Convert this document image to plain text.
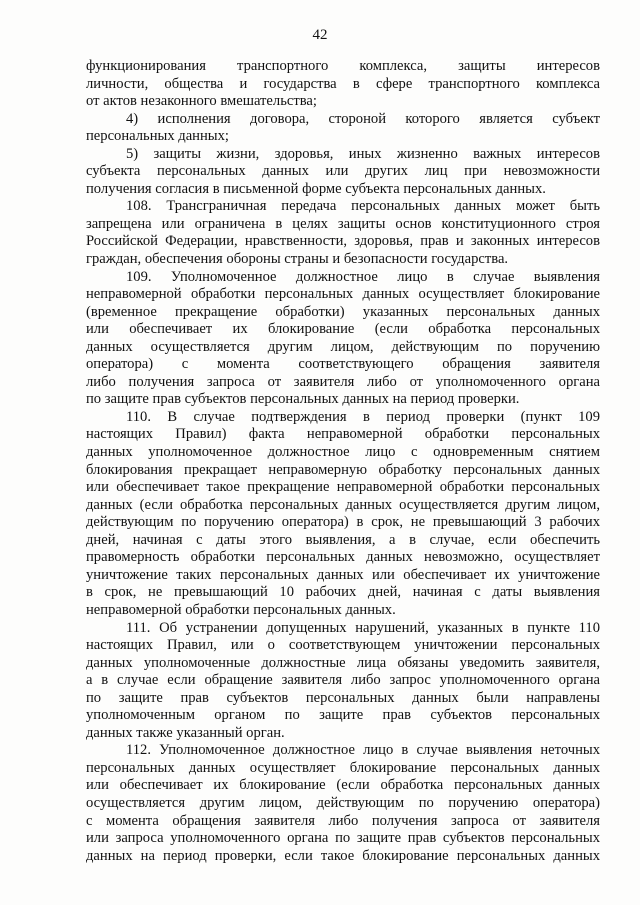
42

функционирования транспортного комплекса, защиты интересов
личности, общества и государства в сфере транспортного комплекса
от актов незаконного вмешательства;

4) исполнения договора, стороной которого является субъект
персональных данных;

5) защиты жизни, здоровья, иных жизненно важных интересов
субъекта персональных данных или других лиц при невозможности
получения согласия в письменной форме субъекта персональных данных.

108. Трансграничная передача персональных данных может быть
запрещена или ограничена в целях защиты основ конституционного строя
Российской Федерации, нравственности, здоровья, прав и законных интересов
граждан, обеспечения обороны страны и безопасности государства.

109. Уполномоченное должностное лицо в случае выявления
неправомерной обработки персональных данных осуществляет блокирование
(временное прекращение обработки) указанных персональных данных
или обеспечивает их блокирование (если обработка персональных
данных осуществляется другим лицом, действующим по поручению
оператора) с момента соответствующего обращения заявителя
либо получения запроса от заявителя либо от уполномоченного органа
по защите прав субъектов персональных данных на период проверки.

110. В случае подтверждения в период проверки (пункт 109
настоящих Правил) факта неправомерной обработки персональных
данных уполномоченное должностное лицо с одновременным снятием
блокирования прекращает неправомерную обработку персональных данных
или обеспечивает такое прекращение неправомерной обработки персональных
данных (если обработка персональных данных осуществляется другим лицом,
действующим по поручению оператора) в срок, не превышающий 3 рабочих
дней, начиная с даты этого выявления, а в случае, если обеспечить
правомерность обработки персональных данных невозможно, осуществляет
уничтожение таких персональных данных или обеспечивает их уничтожение
в срок, не превышающий 10 рабочих дней, начиная с даты выявления
неправомерной обработки персональных данных.

111. Об устранении допущенных нарушений, указанных в пункте 110
настоящих Правил, или о соответствующем уничтожении персональных
данных уполномоченные должностные лица обязаны уведомить заявителя,
а в случае если обращение заявителя либо запрос уполномоченного органа
по защите прав субъектов персональных данных были направлены
уполномоченным органом по защите прав субъектов персональных
данных также указанный орган.

112. Уполномоченное должностное лицо в случае выявления неточных
персональных данных осуществляет блокирование персональных данных
или обеспечивает их блокирование (если обработка персональных данных
осуществляется другим лицом, действующим по поручению оператора)
с момента обращения заявителя либо получения запроса от заявителя
или запроса уполномоченного органа по защите прав субъектов персональных
данных на период проверки, если такое блокирование персональных данных
